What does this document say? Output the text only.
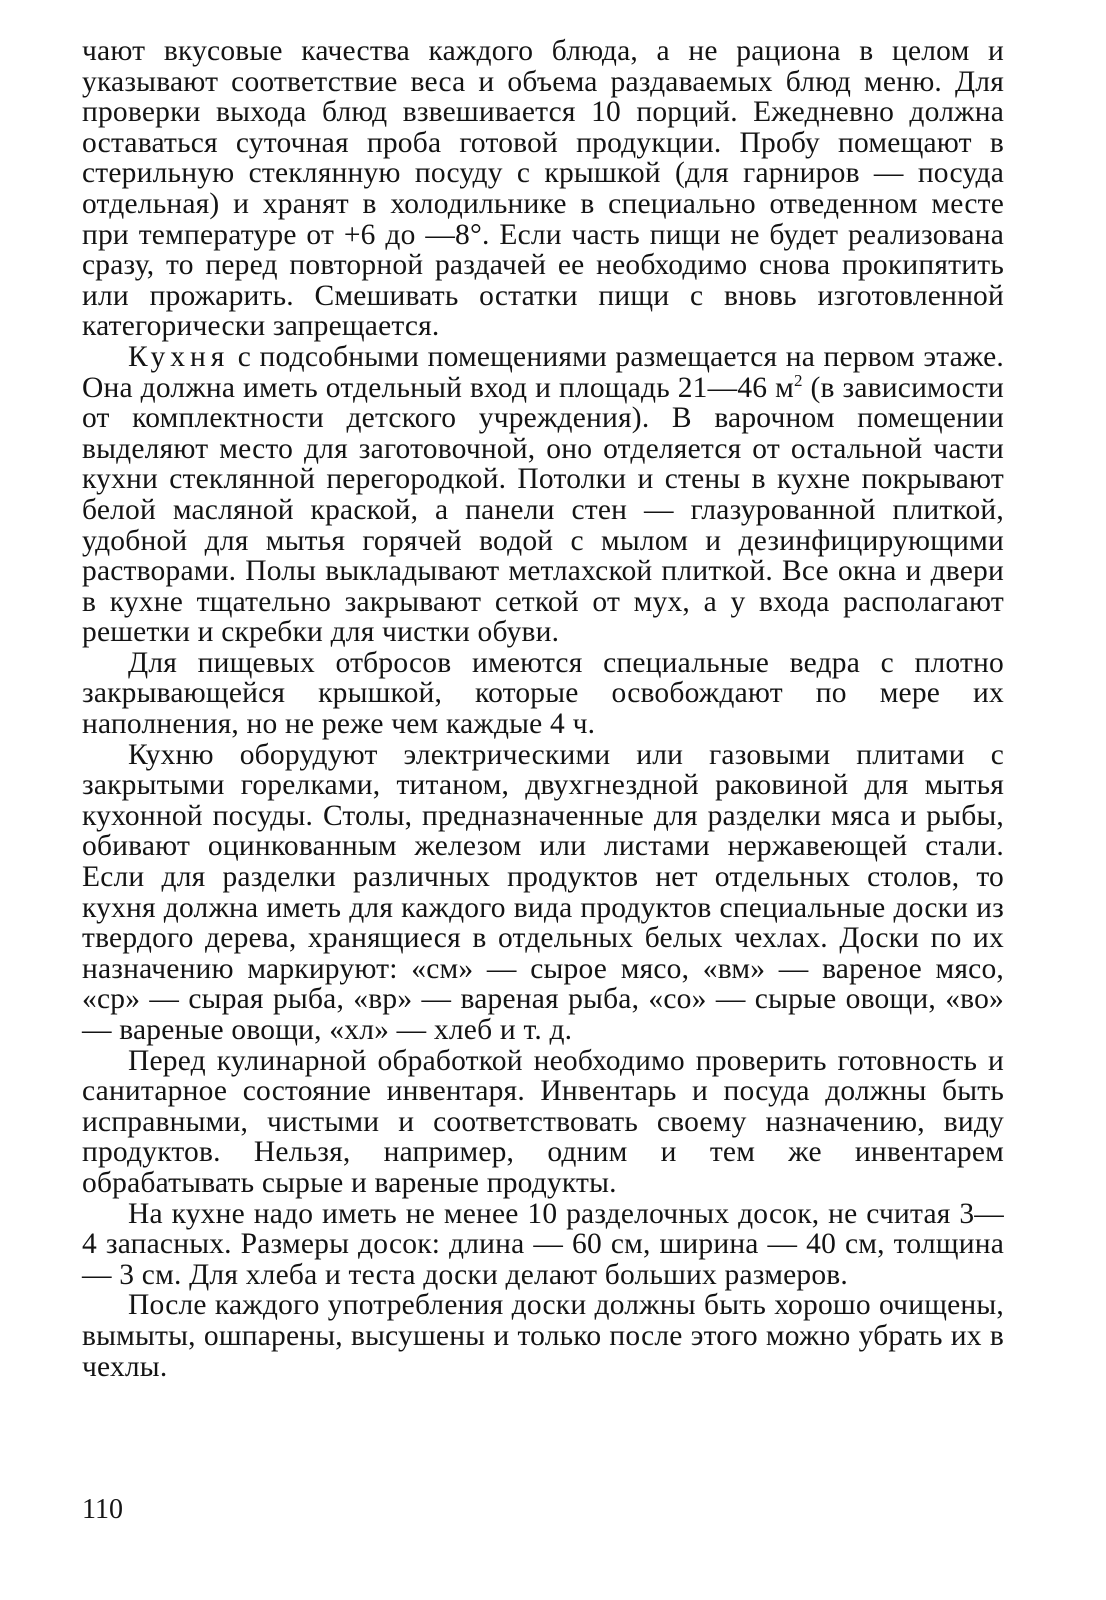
чают вкусовые качества каждого блюда, а не рациона в целом и указывают соответствие веса и объема раздаваемых блюд меню. Для проверки выхода блюд взвешивается 10 порций. Ежедневно должна оставаться суточная проба готовой продукции. Пробу помещают в стерильную стеклянную посуду с крышкой (для гарниров — посуда отдельная) и хранят в холодильнике в специально отведенном месте при температуре от +6 до —8°. Если часть пищи не будет реализована сразу, то перед повторной раздачей ее необходимо снова прокипятить или прожарить. Смешивать остатки пищи с вновь изготовленной категорически запрещается.

Кухня с подсобными помещениями размещается на первом этаже. Она должна иметь отдельный вход и площадь 21—46 $м^2$ (в зависимости от комплектности детского учреждения). В варочном помещении выделяют место для заготовочной, оно отделяется от остальной части кухни стеклянной перегородкой. Потолки и стены в кухне покрывают белой масляной краской, а панели стен — глазурованной плиткой, удобной для мытья горячей водой с мылом и дезинфицирующими растворами. Полы выкладывают метлахской плиткой. Все окна и двери в кухне тщательно закрывают сеткой от мух, а у входа располагают решетки и скребки для чистки обуви.

Для пищевых отбросов имеются специальные ведра с плотно закрывающейся крышкой, которые освобождают по мере их наполнения, но не реже чем каждые 4 ч.

Кухню оборудуют электрическими или газовыми плитами с закрытыми горелками, титаном, двухгнездной раковиной для мытья кухонной посуды. Столы, предназначенные для разделки мяса и рыбы, обивают оцинкованным железом или листами нержавеющей стали. Если для разделки различных продуктов нет отдельных столов, то кухня должна иметь для каждого вида продуктов специальные доски из твердого дерева, хранящиеся в отдельных белых чехлах. Доски по их назначению маркируют: «см» — сырое мясо, «вм» — вареное мясо, «ср» — сырая рыба, «вр» — вареная рыба, «со» — сырые овощи, «во» — вареные овощи, «хл» — хлеб и т. д.

Перед кулинарной обработкой необходимо проверить готовность и санитарное состояние инвентаря. Инвентарь и посуда должны быть исправными, чистыми и соответствовать своему назначению, виду продуктов. Нельзя, например, одним и тем же инвентарем обрабатывать сырые и вареные продукты.

На кухне надо иметь не менее 10 разделочных досок, не считая 3—4 запасных. Размеры досок: длина — 60 см, ширина — 40 см, толщина — 3 см. Для хлеба и теста доски делают больших размеров.

После каждого употребления доски должны быть хорошо очищены, вымыты, ошпарены, высушены и только после этого можно убрать их в чехлы.

110
